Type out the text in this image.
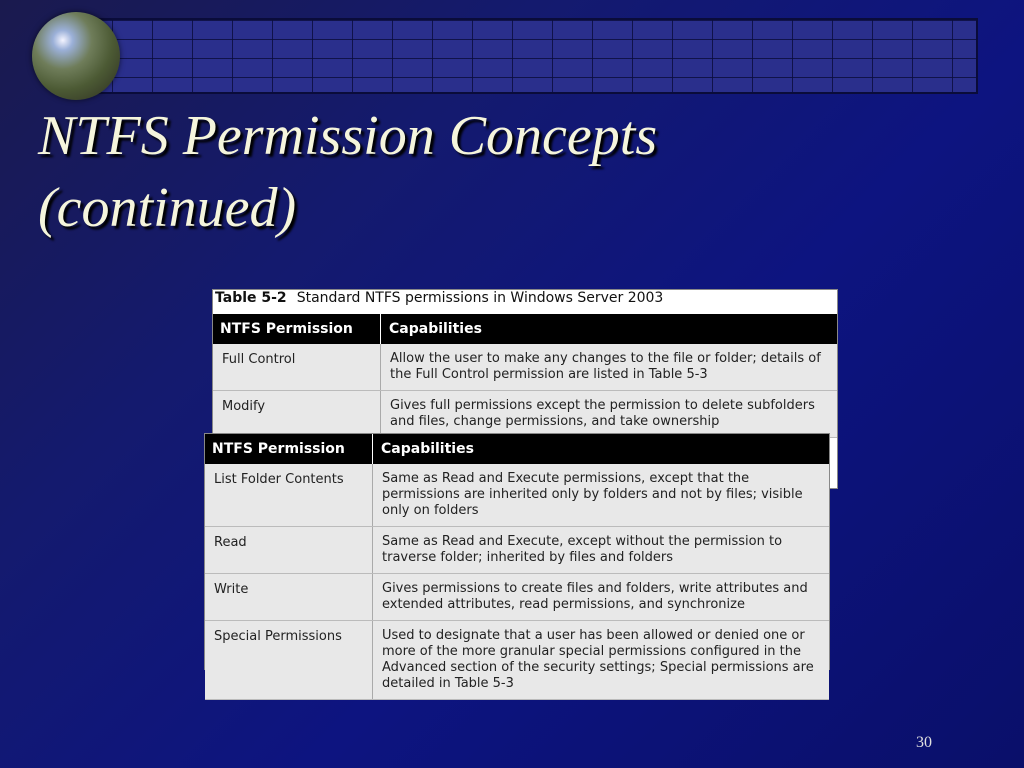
NTFS Permission Concepts
(continued)
Table 5-2 Standard NTFS permissions in Windows Server 2003
NTFS Permission	Capabilities
Full Control	Allow the user to make any changes to the file or folder; details of the Full Control permission are listed in Table 5-3
Modify	Gives full permissions except the permission to delete subfolders and files, change permissions, and take ownership
NTFS Permission	Capabilities
List Folder Contents	Same as Read and Execute permissions, except that the permissions are inherited only by folders and not by files; visible only on folders
Read	Same as Read and Execute, except without the permission to traverse folder; inherited by files and folders
Write	Gives permissions to create files and folders, write attributes and extended attributes, read permissions, and synchronize
Special Permissions	Used to designate that a user has been allowed or denied one or more of the more granular special permissions configured in the Advanced section of the security settings; Special permissions are detailed in Table 5-3
30
